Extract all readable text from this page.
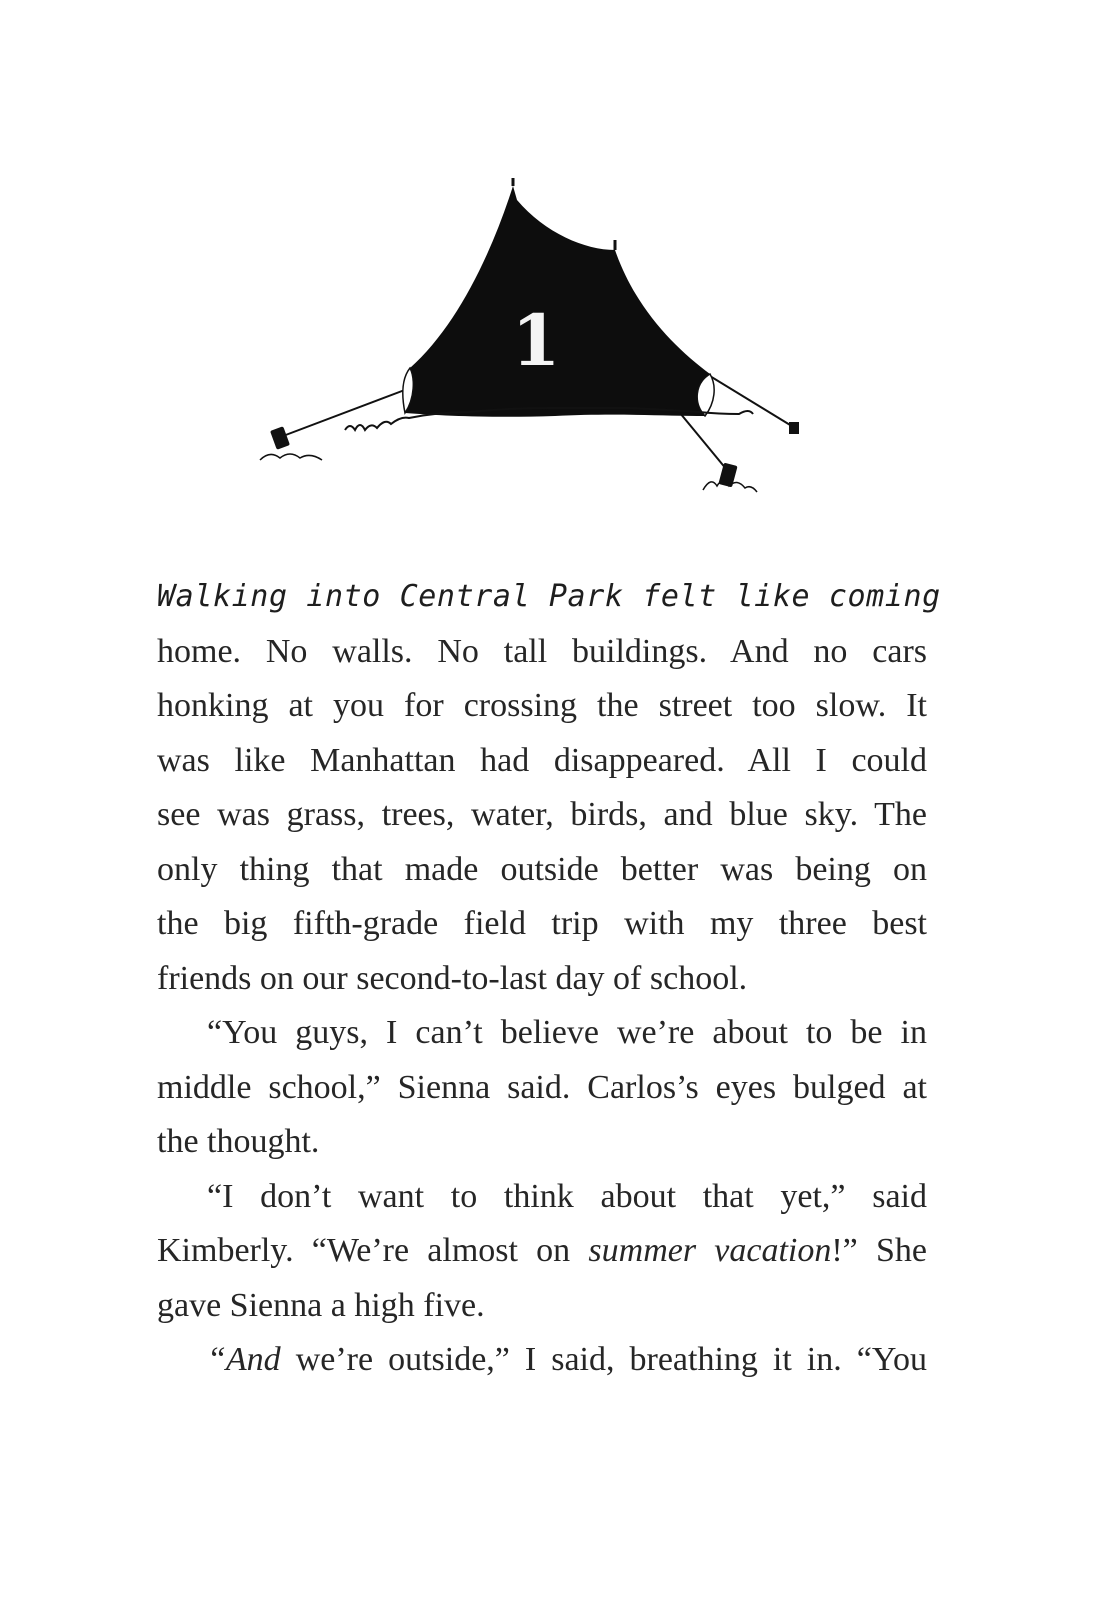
1
Walking into Central Park felt like coming
home. No walls. No tall buildings. And no cars
honking at you for crossing the street too slow. It
was like Manhattan had disappeared. All I could
see was grass, trees, water, birds, and blue sky. The
only thing that made outside better was being on
the big fifth-grade field trip with my three best
friends on our second-to-last day of school.
“You guys, I can’t believe we’re about to be in
middle school,” Sienna said. Carlos’s eyes bulged at
the thought.
“I don’t want to think about that yet,” said
Kimberly. “We’re almost on summer vacation!” She
gave Sienna a high five.
“And we’re outside,” I said, breathing it in. “You
